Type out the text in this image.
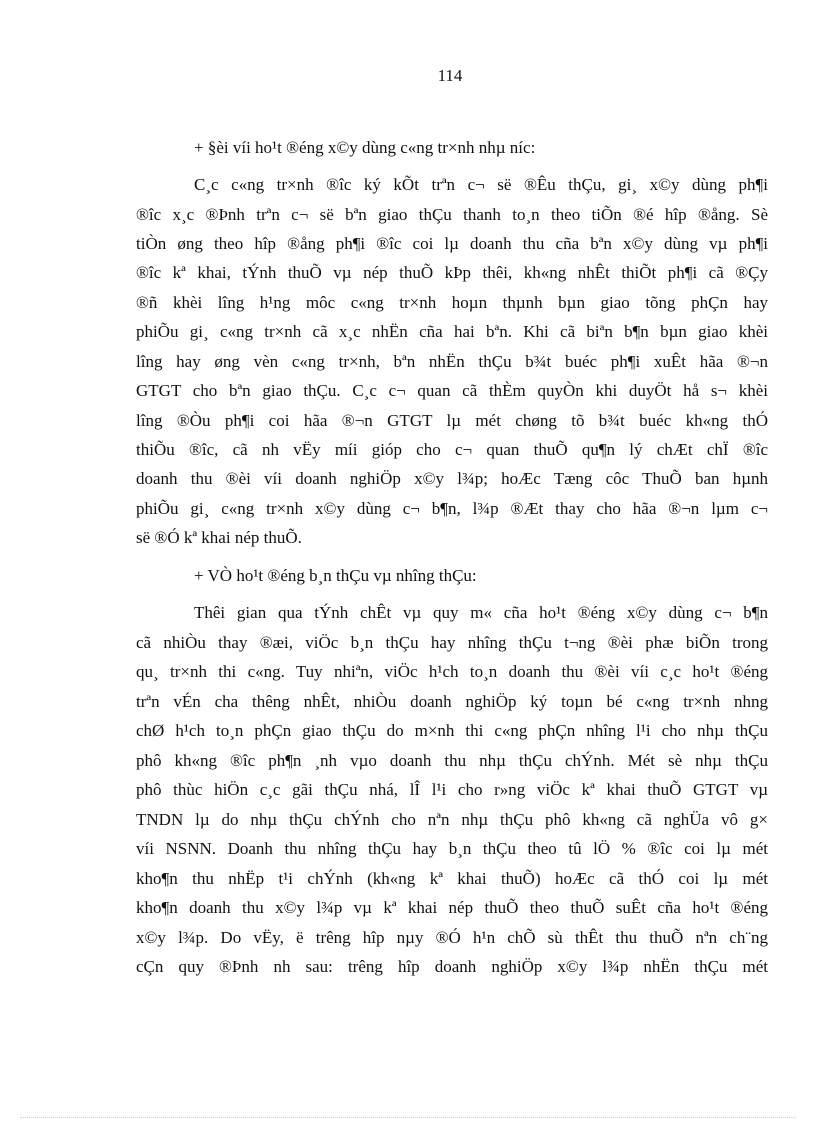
114
+ §èi víi ho¹t ®éng x©y dùng c«ng tr×nh nhµ níc:
C¸c c«ng tr×nh ®îc ký kÕt trªn c¬ së ®Êu thÇu, gi¸ x©y dùng ph¶i
®îc x¸c ®Þnh trªn c¬ së bªn giao thÇu thanh to¸n theo tiÕn ®é hîp ®ång. Sè
tiÒn øng theo hîp ®ång ph¶i ®îc coi lµ doanh thu cña bªn x©y dùng vµ ph¶i
®îc kª khai, tÝnh thuÕ vµ nép thuÕ kÞp thêi, kh«ng nhÊt thiÕt ph¶i cã ®Çy
®ñ khèi lîng h¹ng môc c«ng tr×nh hoµn thµnh bµn giao tõng phÇn hay
phiÕu gi¸ c«ng tr×nh cã x¸c nhËn cña hai bªn. Khi cã biªn b¶n bµn giao khèi
lîng hay øng vèn c«ng tr×nh, bªn nhËn thÇu b¾t buéc ph¶i xuÊt hãa ®¬n
GTGT cho bªn giao thÇu. C¸c c¬ quan cã thÈm quyÒn khi duyÖt hå s¬ khèi
lîng ®Òu ph¶i coi hãa ®¬n GTGT lµ mét chøng tõ b¾t buéc kh«ng thÓ
thiÕu ®îc, cã nh vËy míi gióp cho c¬ quan thuÕ qu¶n lý chÆt chÏ ®îc
doanh thu ®èi víi doanh nghiÖp x©y l¾p; hoÆc Tæng côc ThuÕ ban hµnh
phiÕu gi¸ c«ng tr×nh x©y dùng c¬ b¶n, l¾p ®Æt thay cho hãa ®¬n lµm c¬
së ®Ó kª khai nép thuÕ.
+ VÒ ho¹t ®éng b¸n thÇu vµ nhîng thÇu:
Thêi gian qua tÝnh chÊt vµ quy m« cña ho¹t ®éng x©y dùng c¬ b¶n
cã nhiÒu thay ®æi, viÖc b¸n thÇu hay nhîng thÇu t¬ng ®èi phæ biÕn trong
qu¸ tr×nh thi c«ng. Tuy nhiªn, viÖc h¹ch to¸n doanh thu ®èi víi c¸c ho¹t ®éng
trªn vÉn cha thêng nhÊt, nhiÒu doanh nghiÖp ký toµn bé c«ng tr×nh nhng
chØ h¹ch to¸n phÇn giao thÇu do m×nh thi c«ng phÇn nhîng l¹i cho nhµ thÇu
phô kh«ng ®îc ph¶n ¸nh vµo doanh thu nhµ thÇu chÝnh. Mét sè nhµ thÇu
phô thùc hiÖn c¸c gãi thÇu nhá, lÎ l¹i cho r»ng viÖc kª khai thuÕ GTGT vµ
TNDN lµ do nhµ thÇu chÝnh cho nªn nhµ thÇu phô kh«ng cã nghÜa vô g×
víi NSNN. Doanh thu nhîng thÇu hay b¸n thÇu theo tû lÖ % ®îc coi lµ mét
kho¶n thu nhËp t¹i chÝnh (kh«ng kª khai thuÕ) hoÆc cã thÓ coi lµ mét
kho¶n doanh thu x©y l¾p vµ kª khai nép thuÕ theo thuÕ suÊt cña ho¹t ®éng
x©y l¾p. Do vËy, ë trêng hîp nµy ®Ó h¹n chÕ sù thÊt thu thuÕ nªn ch¨ng
cÇn quy ®Þnh nh sau: trêng hîp doanh nghiÖp x©y l¾p nhËn thÇu mét
